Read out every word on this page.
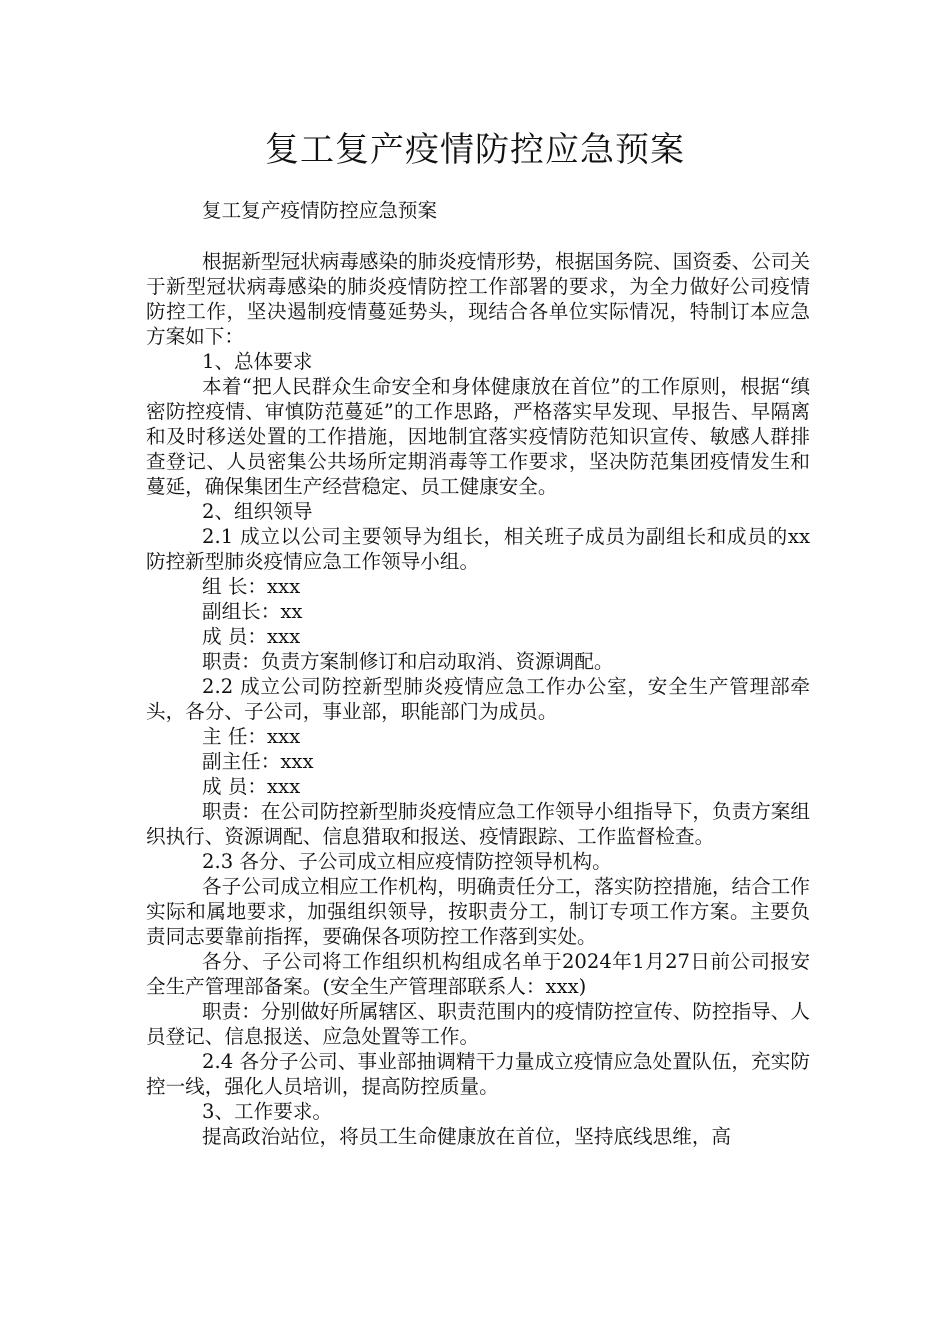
复工复产疫情防控应急预案

复工复产疫情防控应急预案

根据新型冠状病毒感染的肺炎疫情形势，根据国务院、国资委、公司关于新型冠状病毒感染的肺炎疫情防控工作部署的要求，为全力做好公司疫情防控工作，坚决遏制疫情蔓延势头，现结合各单位实际情况，特制订本应急方案如下：

1、总体要求

本着“把人民群众生命安全和身体健康放在首位”的工作原则，根据“缜密防控疫情、审慎防范蔓延”的工作思路，严格落实早发现、早报告、早隔离和及时移送处置的工作措施，因地制宜落实疫情防范知识宣传、敏感人群排查登记、人员密集公共场所定期消毒等工作要求，坚决防范集团疫情发生和蔓延，确保集团生产经营稳定、员工健康安全。

2、组织领导

2.1 成立以公司主要领导为组长，相关班子成员为副组长和成员的xx防控新型肺炎疫情应急工作领导小组。

组 长：xxx

副组长：xx

成 员：xxx

职责：负责方案制修订和启动取消、资源调配。

2.2 成立公司防控新型肺炎疫情应急工作办公室，安全生产管理部牵头，各分、子公司，事业部，职能部门为成员。

主 任：xxx

副主任：xxx

成 员：xxx

职责：在公司防控新型肺炎疫情应急工作领导小组指导下，负责方案组织执行、资源调配、信息猎取和报送、疫情跟踪、工作监督检查。

2.3 各分、子公司成立相应疫情防控领导机构。

各子公司成立相应工作机构，明确责任分工，落实防控措施，结合工作实际和属地要求，加强组织领导，按职责分工，制订专项工作方案。主要负责同志要靠前指挥，要确保各项防控工作落到实处。

各分、子公司将工作组织机构组成名单于2024年1月27日前公司报安全生产管理部备案。(安全生产管理部联系人：xxx)

职责：分别做好所属辖区、职责范围内的疫情防控宣传、防控指导、人员登记、信息报送、应急处置等工作。

2.4 各分子公司、事业部抽调精干力量成立疫情应急处置队伍，充实防控一线，强化人员培训，提高防控质量。

3、工作要求。

提高政治站位，将员工生命健康放在首位，坚持底线思维，高
